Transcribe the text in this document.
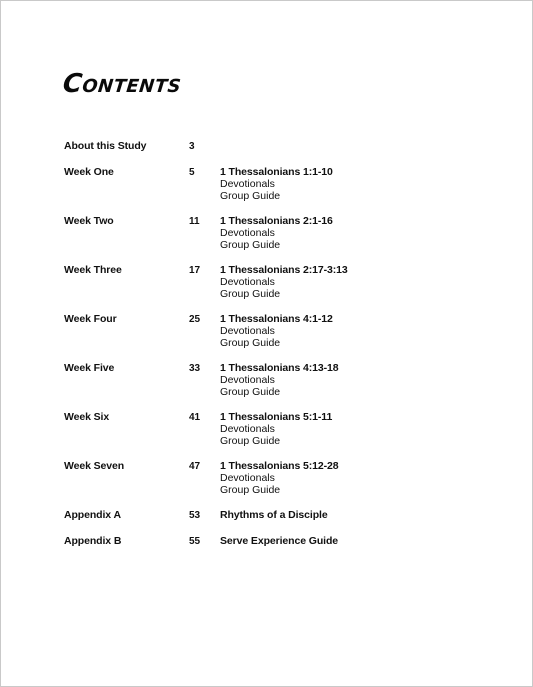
Contents
About this Study	3
Week One	5	1 Thessalonians 1:1-10
Devotionals
Group Guide
Week Two	11	1 Thessalonians 2:1-16
Devotionals
Group Guide
Week Three	17	1 Thessalonians 2:17-3:13
Devotionals
Group Guide
Week Four	25	1 Thessalonians 4:1-12
Devotionals
Group Guide
Week Five	33	1 Thessalonians 4:13-18
Devotionals
Group Guide
Week Six	41	1 Thessalonians 5:1-11
Devotionals
Group Guide
Week Seven	47	1 Thessalonians 5:12-28
Devotionals
Group Guide
Appendix A	53	Rhythms of a Disciple
Appendix B	55	Serve Experience Guide
